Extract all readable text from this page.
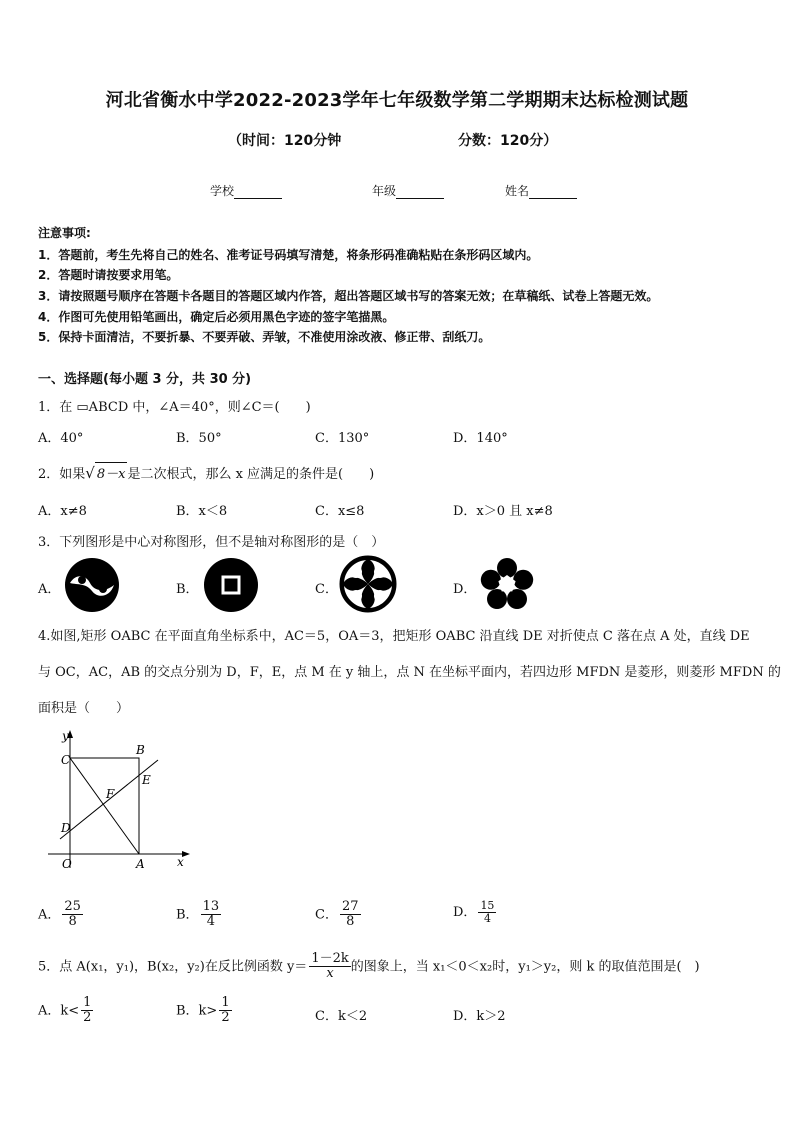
河北省衡水中学2022-2023学年七年级数学第二学期期末达标检测试题
（时间：120分钟	分数：120分）
学校	年级	姓名
注意事项:
1．答题前，考生先将自己的姓名、准考证号码填写清楚，将条形码准确粘贴在条形码区域内。
2．答题时请按要求用笔。
3．请按照题号顺序在答题卡各题目的答题区域内作答，超出答题区域书写的答案无效；在草稿纸、试卷上答题无效。
4．作图可先使用铅笔画出，确定后必须用黑色字迹的签字笔描黑。
5．保持卡面清洁，不要折暴、不要弄破、弄皱，不准使用涂改液、修正带、刮纸刀。
一、选择题(每小题 3 分，共 30 分)
1．在 ▭ABCD 中，∠A＝40°，则∠C＝(　　)
A．40°	B．50°	C．130°	D．140°
2．如果√ 8－x 是二次根式，那么 x 应满足的条件是(　　)
A．x≠8	B．x＜8	C．x≤8	D．x＞0 且 x≠8
3．下列图形是中心对称图形，但不是轴对称图形的是（　）
A．	B．	C．	D．
4.如图,矩形 OABC 在平面直角坐标系中，AC＝5，OA＝3，把矩形 OABC 沿直线 DE 对折使点 C 落在点 A 处，直线 DE
与 OC，AC，AB 的交点分别为 D，F，E，点 M 在 y 轴上，点 N 在坐标平面内，若四边形 MFDN 是菱形，则菱形 MFDN 的
面积是（　　）
y
x
C
B
E
F
D
O	A
A． $\frac{25}{8}$	B． $\frac{13}{4}$	C． $\frac{27}{8}$	D． $\frac{15}{4}$
5．点 A(x₁，y₁)，B(x₂，y₂)在反比例函数 $y= \frac{1-2k}{x}$ 的图象上，当 x₁＜0＜x₂时，y₁＞y₂，则 k 的取值范围是(　)
A．$k< \frac{1}{2}$	B．$k> \frac{1}{2}$	C．k＜2	D．k＞2
